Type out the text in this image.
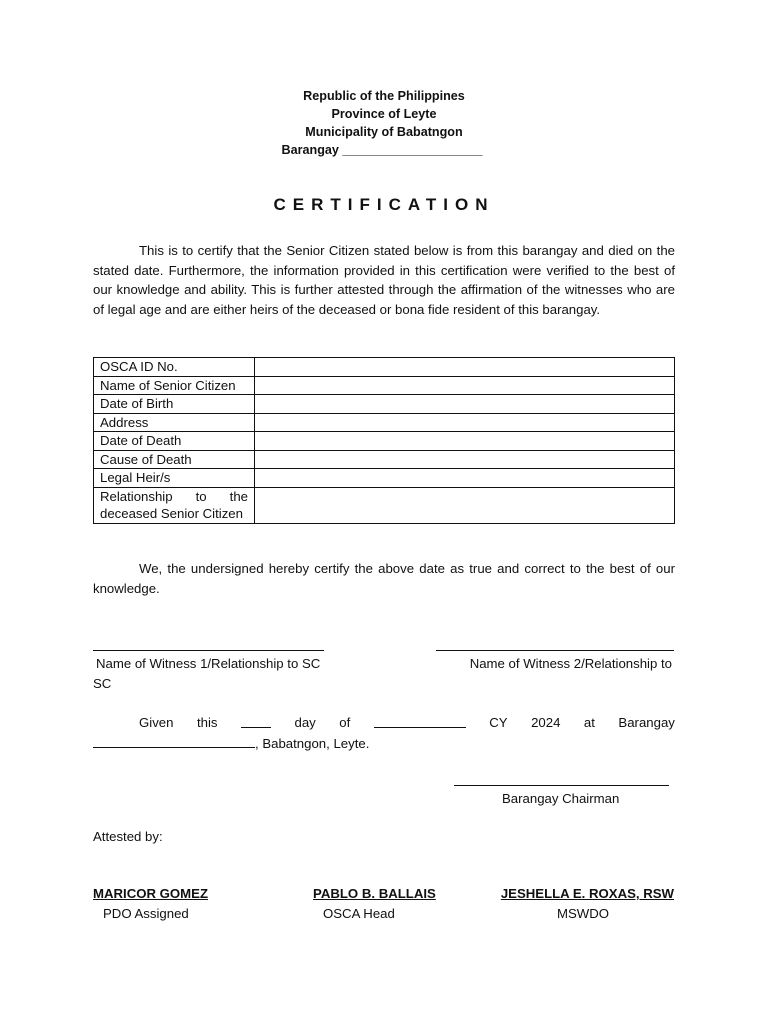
Republic of the Philippines
Province of Leyte
Municipality of Babatngon
Barangay ____________________
CERTIFICATION
This is to certify that the Senior Citizen stated below is from this barangay and died on the stated date. Furthermore, the information provided in this certification were verified to the best of our knowledge and ability. This is further attested through the affirmation of the witnesses who are of legal age and are either heirs of the deceased or bona fide resident of this barangay.
OSCA ID No.	
Name of Senior Citizen	
Date of Birth	
Address	
Date of Death	
Cause of Death	
Legal Heir/s	
Relationship to the deceased Senior Citizen	
We, the undersigned hereby certify the above date as true and correct to the best of our knowledge.
Name of Witness 1/Relationship to SC	Name of Witness 2/Relationship to
SC
Given this	day of	CY 2024 at Barangay
, Babatngon, Leyte.
Barangay Chairman
Attested by:
MARICOR GOMEZ
PDO Assigned
PABLO B. BALLAIS
OSCA Head
JESHELLA E. ROXAS, RSW
MSWDO
